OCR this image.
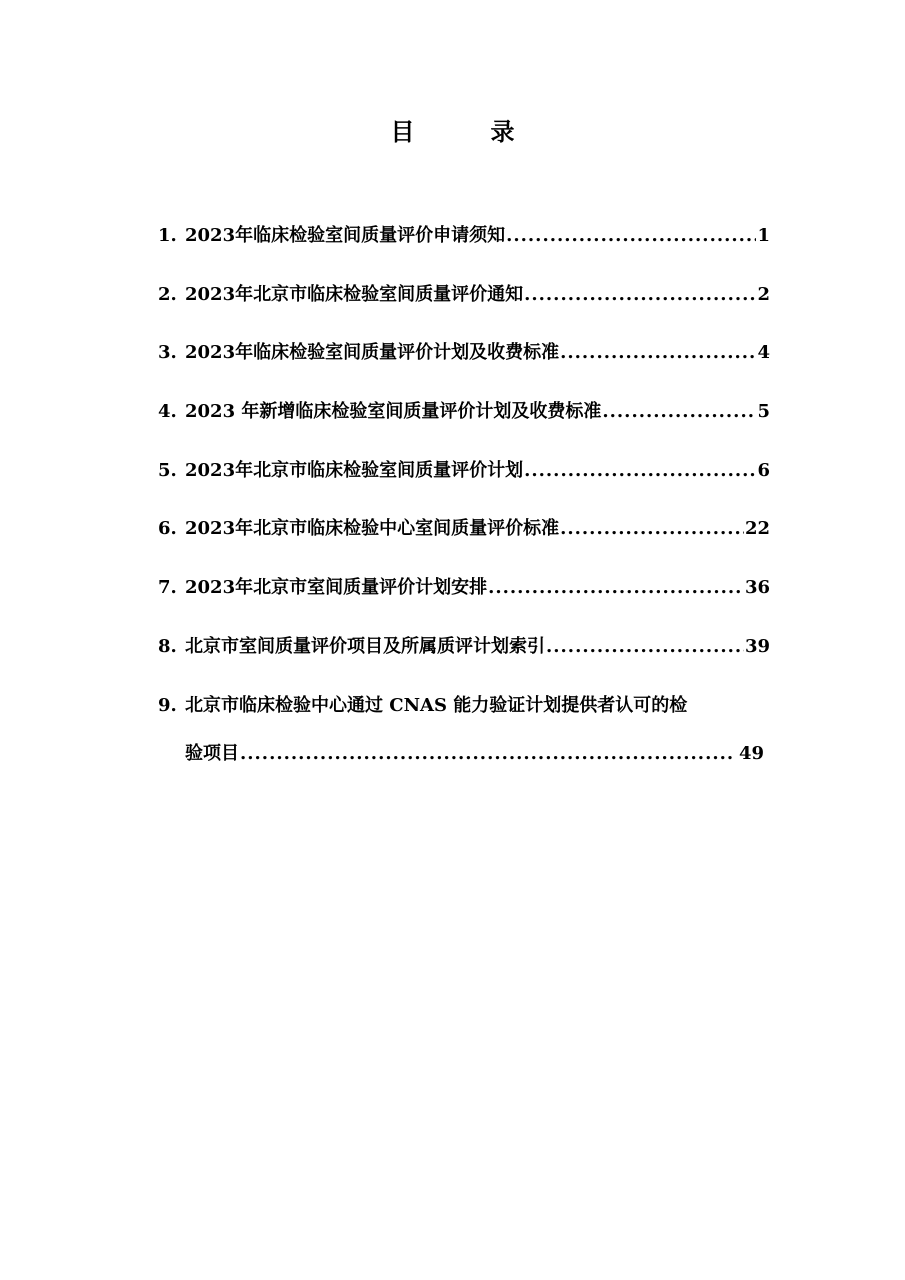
目　录
1. 2023年临床检验室间质量评价申请须知 .....	1
2. 2023年北京市临床检验室间质量评价通知 .....	2
3. 2023年临床检验室间质量评价计划及收费标准 .....	4
4. 2023 年新增临床检验室间质量评价计划及收费标准 .....	5
5. 2023年北京市临床检验室间质量评价计划 .....	6
6. 2023年北京市临床检验中心室间质量评价标准 .....	22
7. 2023年北京市室间质量评价计划安排 .....	36
8. 北京市室间质量评价项目及所属质评计划索引 .....	39
9. 北京市临床检验中心通过 CNAS 能力验证计划提供者认可的检
验项目 .....	49
